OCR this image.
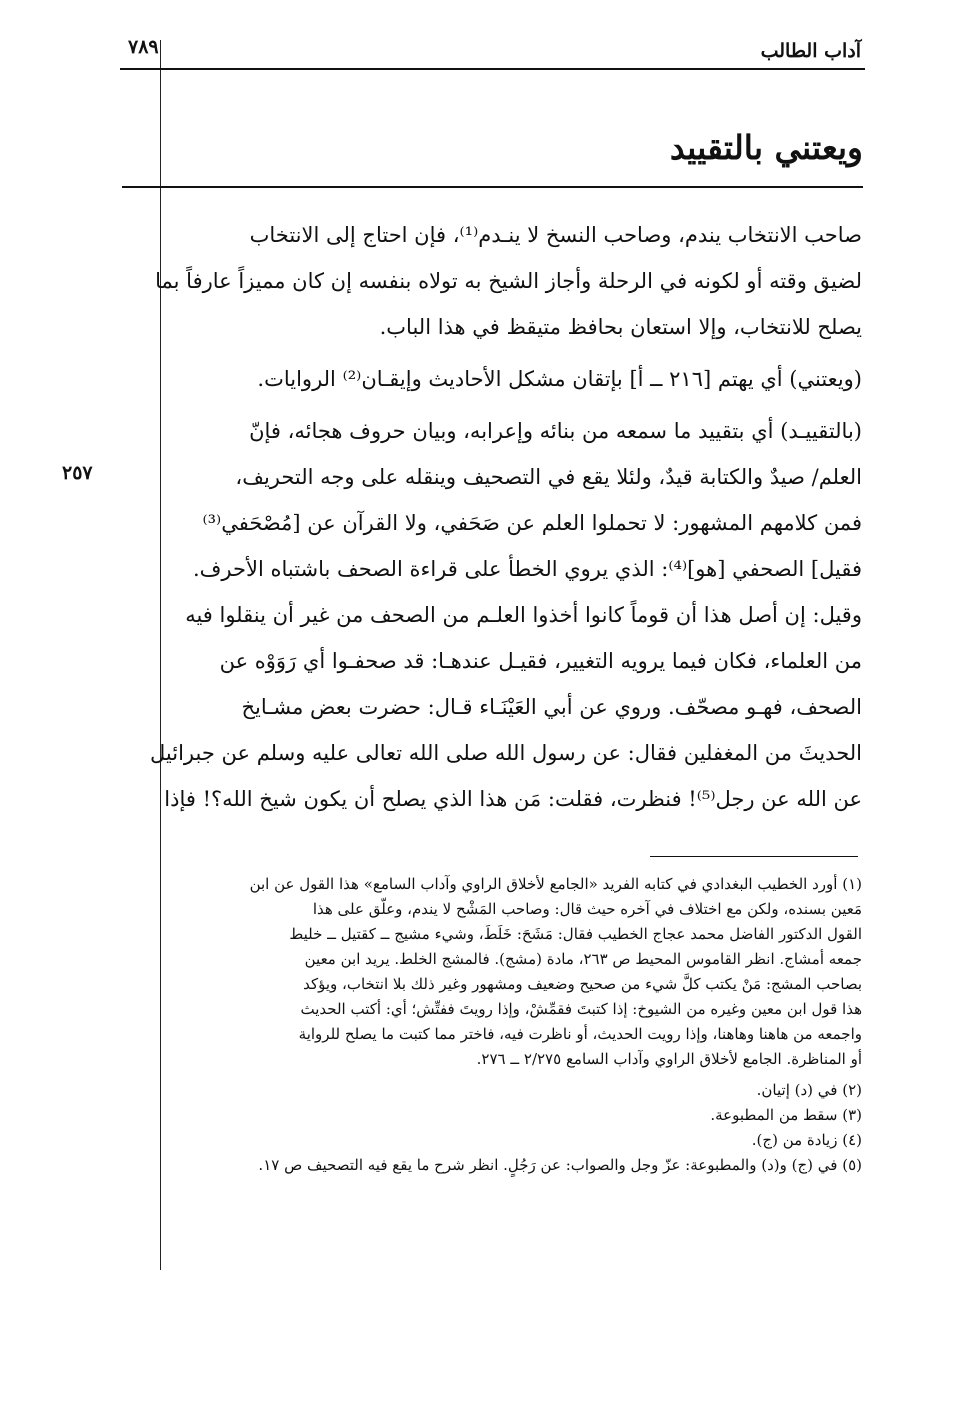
آداب الطالب
٧٨٩
ويعتني بالتقييد
٢٥٧
صاحب الانتخاب يندم، وصاحب النسخ لا ينـدم⁽¹⁾، فإن احتاج إلى الانتخاب
لضيق وقته أو لكونه في الرحلة وأجاز الشيخ به تولاه بنفسه إن كان مميزاً عارفاً بما
يصلح للانتخاب، وإلا استعان بحافظ متيقظ في هذا الباب.
(ويعتني) أي يهتم [٢١٦ ــ أ] بإتقان مشكل الأحاديث وإيقـان⁽²⁾ الروايات.
(بالتقييـد) أي بتقييد ما سمعه من بنائه وإعرابه، وبيان حروف هجائه، فإنّ
العلم/ صيدٌ والكتابة قيدٌ، ولئلا يقع في التصحيف وينقله على وجه التحريف،
فمن كلامهم المشهور: لا تحملوا العلم عن صَحَفي، ولا القرآن عن [مُصْحَفي⁽³⁾
فقيل] الصحفي [هو]⁽⁴⁾: الذي يروي الخطأ على قراءة الصحف باشتباه الأحرف.
وقيل: إن أصل هذا أن قوماً كانوا أخذوا العلـم من الصحف من غير أن ينقلوا فيه
من العلماء، فكان فيما يرويه التغيير، فقيـل عندهـا: قد صحفـوا أي رَوَوْه عن
الصحف، فهـو مصحّف. وروي عن أبي العَيْنَـاء قـال: حضرت بعض مشـايخ
الحديثَ من المغفلين فقال: عن رسول الله صلى الله تعالى عليه وسلم عن جبرائيل
عن الله عن رجل⁽⁵⁾! فنظرت، فقلت: مَن هذا الذي يصلح أن يكون شيخ الله؟! فإذا
(١) أورد الخطيب البغدادي في كتابه الفريد «الجامع لأخلاق الراوي وآداب السامع» هذا القول عن ابن
مَعين بسنده، ولكن مع اختلاف في آخره حيث قال: وصاحب المَشْح لا يندم، وعلّق على هذا
القول الدكتور الفاضل محمد عجاج الخطيب فقال: مَشَحَ: خَلَطَ، وشيء مشيج ــ كقتيل ــ خليط
جمعه أمشاج. انظر القاموس المحيط ص ٢٦٣، مادة (مشج). فالمشج الخلط. يريد ابن معين
بصاحب المشج: مَنْ يكتب كلَّ شيء من صحيح وضعيف ومشهور وغير ذلك بلا انتخاب، ويؤكد
هذا قول ابن معين وغيره من الشيوخ: إذا كتبتَ فقمِّشْ، وإذا رويتَ ففتِّش؛ أي: أكتب الحديث
واجمعه من هاهنا وهاهنا، وإذا رويت الحديث، أو ناظرت فيه، فاختر مما كتبت ما يصلح للرواية
أو المناظرة. الجامع لأخلاق الراوي وآداب السامع ٢/٢٧٥ ــ ٢٧٦.
(٢) في (د) إتيان.
(٣) سقط من المطبوعة.
(٤) زيادة من (ج).
(٥) في (ج) و(د) والمطبوعة: عزّ وجل والصواب: عن رَجُلٍ. انظر شرح ما يقع فيه التصحيف ص ١٧.
